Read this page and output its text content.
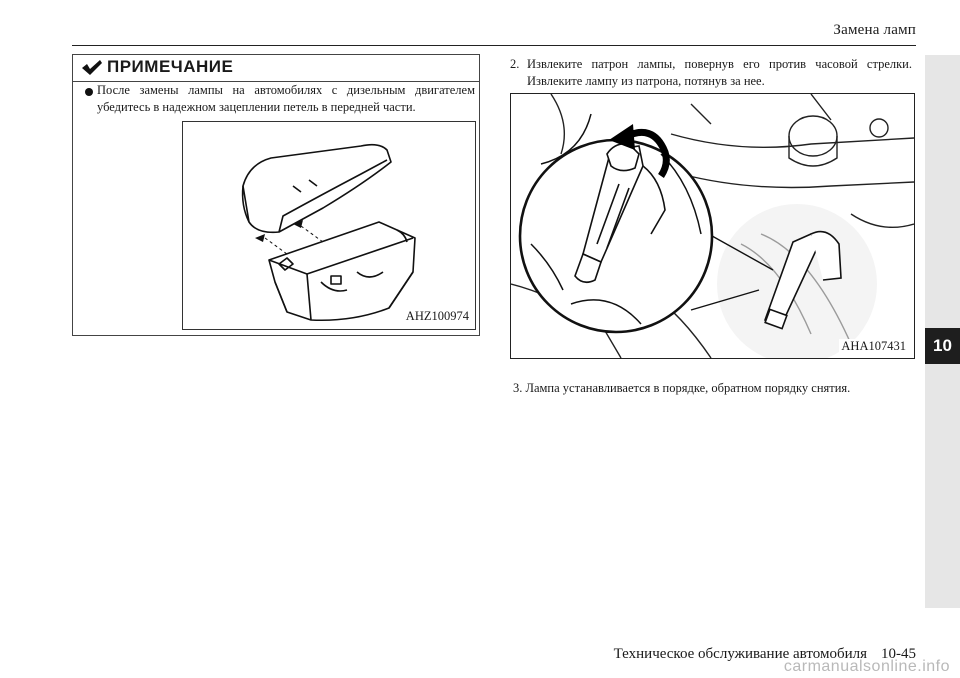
Замена ламп
10
ПРИМЕЧАНИЕ
После замены лампы на автомобилях с дизельным двигателем убедитесь в надежном зацеплении петель в передней части.
AHZ100974
2. Извлеките патрон лампы, повернув его против часовой стрелки. Извлеките лампу из патрона, потянув за нее.
AHA107431
3. Лампа устанавливается в порядке, обратном порядку снятия.
Техническое обслуживание автомобиля 10-45
carmanualsonline.info
